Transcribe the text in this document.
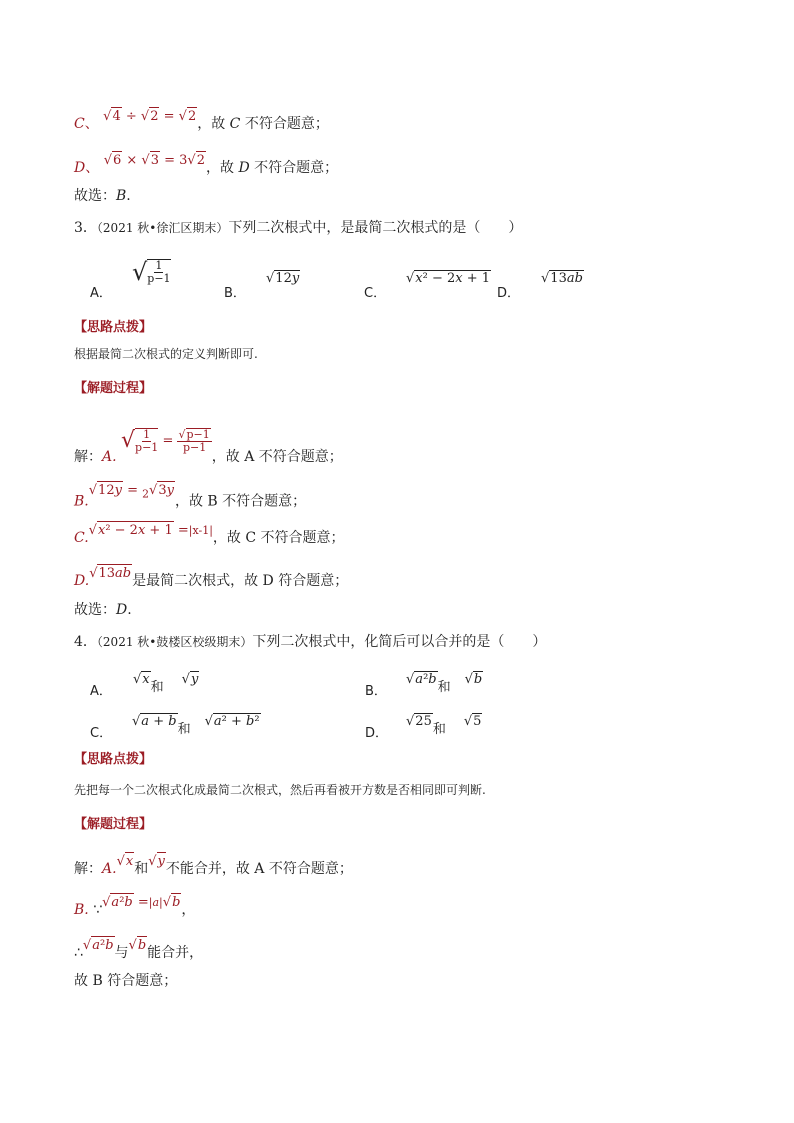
C、 √4 ÷ √2 = √2，故 C 不符合题意；
D、 √6 × √3 = 3√2，故 D 不符合题意；
故选：B.
3．（2021 秋•徐汇区期末）下列二次根式中，是最简二次根式的是（　　）
A．
√ $\frac{1}{p-1}$
B．
√12y
C．
√x² − 2x + 1
D．
√13ab
【思路点拨】
根据最简二次根式的定义判断即可.
【解题过程】
解：A. √ $\frac{1}{p-1} = \frac{√p-1}{p-1}$
，故 A 不符合题意；
B.√12y = $_2$√3y，故 B 不符合题意；
C.√x² − 2x + 1 =|x-1|，故 C 不符合题意；
D.√13ab是最简二次根式，故 D 符合题意；
故选：D.
4．（2021 秋•鼓楼区校级期末）下列二次根式中，化简后可以合并的是（　　）
A．
√x和√y
B．
√a²b和√b
C．
√a + b和√a² + b²
D．
√25和√5
【思路点拨】
先把每一个二次根式化成最简二次根式，然后再看被开方数是否相同即可判断.
【解题过程】
解：A.√x和√y不能合并，故 A 不符合题意；
B. ∵√a²b =|a|√b，
∴√a²b与√b能合并，
故 B 符合题意；
